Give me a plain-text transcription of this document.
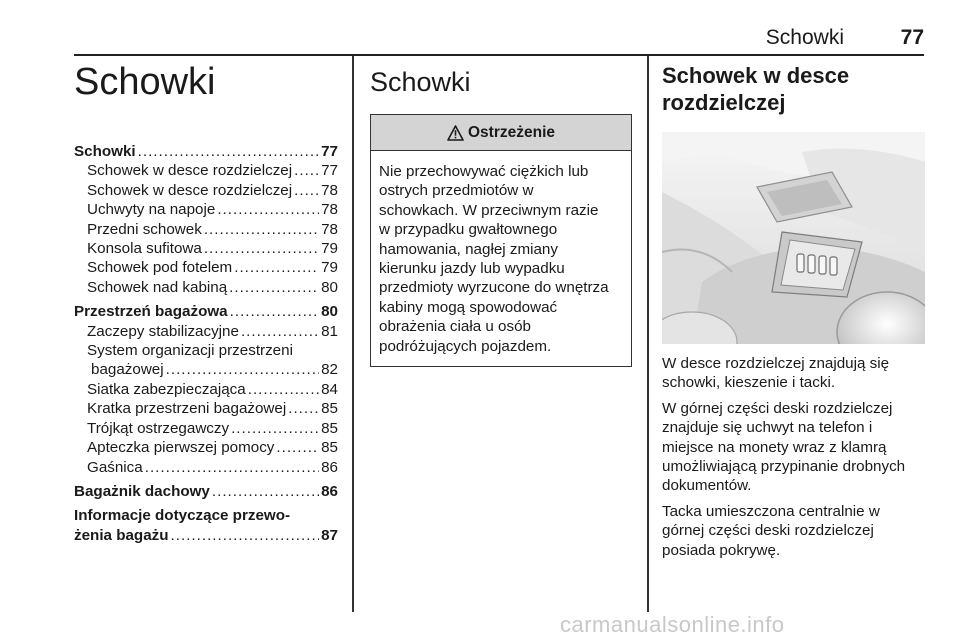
Schowki	77
Schowki
Schowki .....	77
Schowek w desce rozdzielczej ..... 77
Schowek w desce rozdzielczej ..... 78
Uchwyty na napoje .....	78
Przedni schowek .....	78
Konsola sufitowa .....	79
Schowek pod fotelem .....	79
Schowek nad kabiną .....	80
Przestrzeń bagażowa .....	80
Zaczepy stabilizacyjne .....	81
System organizacji przestrzeni
bagażowej .....	82
Siatka zabezpieczająca .....	84
Kratka przestrzeni bagażowej ..... 85
Trójkąt ostrzegawczy .....	85
Apteczka pierwszej pomocy .....	85
Gaśnica .....	86
Bagażnik dachowy .....	86
Informacje dotyczące przewo-
żenia bagażu .....	87
Schowki
Ostrzeżenie

Nie przechowywać ciężkich lub

ostrych przedmiotów w

schowkach. W przeciwnym razie

w przypadku gwałtownego

hamowania, nagłej zmiany

kierunku jazdy lub wypadku

przedmioty wyrzucone do wnętrza

kabiny mogą spowodować

obrażenia ciała u osób

podróżujących pojazdem.

Schowek w desce
rozdzielczej

W desce rozdzielczej znajdują się
schowki, kieszenie i tacki.

W górnej części deski rozdzielczej
znajduje się uchwyt na telefon i
miejsce na monety wraz z klamrą
umożliwiającą przypinanie drobnych
dokumentów.

Tacka umieszczona centralnie w
górnej części deski rozdzielczej
posiada pokrywę.

carmanualsonline.info
